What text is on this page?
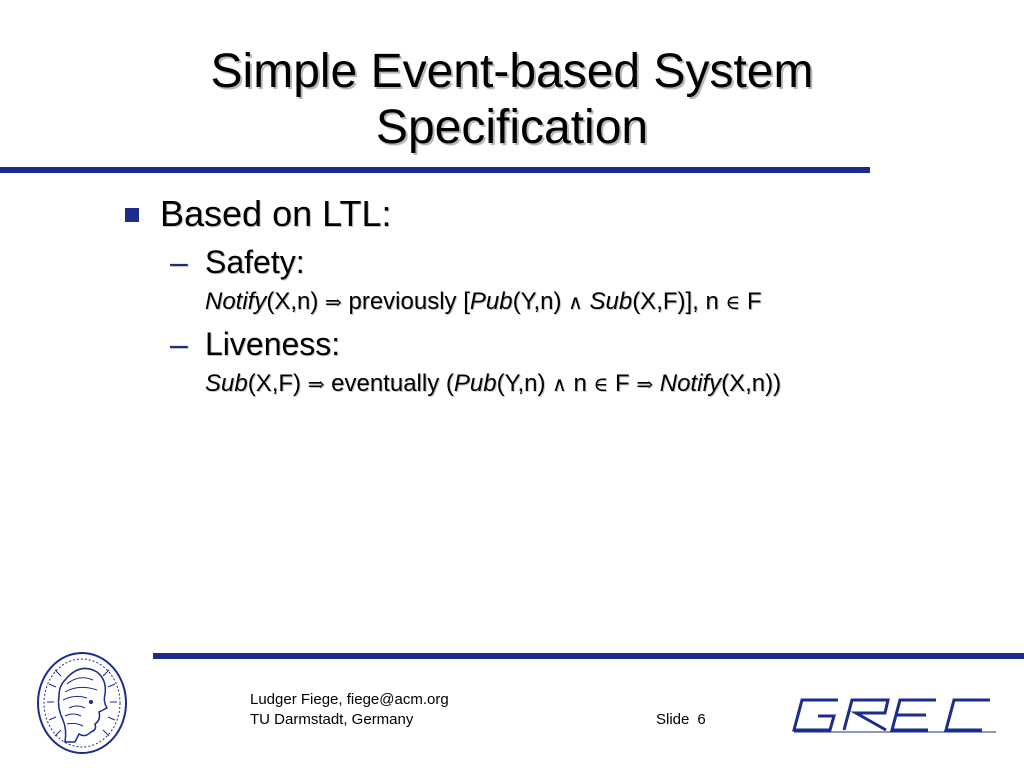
Simple Event-based System
Specification
Based on LTL:
– Safety:
Notify(X,n) ⇒ previously [Pub(Y,n) ∧ Sub(X,F)], n ∈ F
– Liveness:
Sub(X,F) ⇒ eventually (Pub(Y,n) ∧ n ∈ F ⇒ Notify(X,n))
Ludger Fiege, fiege@acm.org
TU Darmstadt, Germany	Slide 6
